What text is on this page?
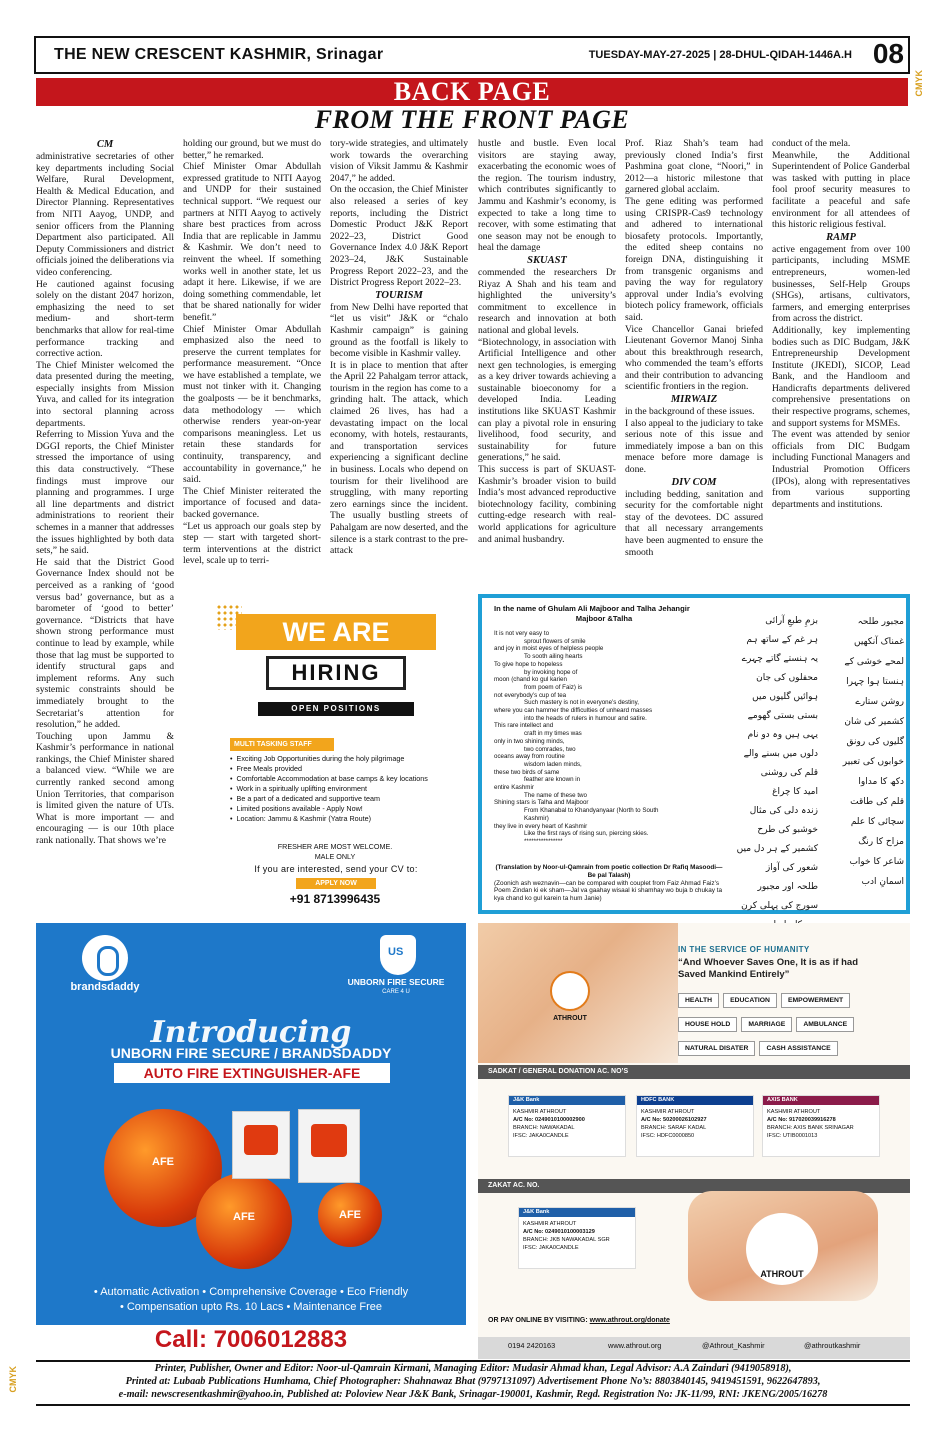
THE NEW CRESCENT KASHMIR, Srinagar	TUESDAY-MAY-27-2025 | 28-DHUL-QIDAH-1446A.H 08
CMYK
CMYK
BACK PAGE
FROM THE FRONT PAGE

CM

administrative secretaries of other key departments including Social Welfare, Rural Development, Health & Medical Education, and Director Planning. Representatives from NITI Aayog, UNDP, and senior officers from the Planning Department also participated. All Deputy Commissioners and district officials joined the deliberations via video conferencing.

He cautioned against focusing solely on the distant 2047 horizon, emphasizing the need to set medium- and short-term benchmarks that allow for real-time performance tracking and corrective action.

The Chief Minister welcomed the data presented during the meeting, especially insights from Mission Yuva, and called for its integration into sectoral planning across departments.

Referring to Mission Yuva and the DGGI reports, the Chief Minister stressed the importance of using this data constructively. “These findings must improve our planning and programmes. I urge all line departments and district administrations to reorient their schemes in a manner that addresses the issues highlighted by both data sets,” he said.

He said that the District Good Governance Index should not be perceived as a ranking of ‘good versus bad’ governance, but as a barometer of ‘good to better’ governance. “Districts that have shown strong performance must continue to lead by example, while those that lag must be supported to identify structural gaps and implement reforms. Any such systemic constraints should be immediately brought to the Secretariat’s attention for resolution,” he added.

Touching upon Jammu & Kashmir’s performance in national rankings, the Chief Minister shared a balanced view. “While we are currently ranked second among Union Territories, that comparison is limited given the nature of UTs. What is more important — and encouraging — is our 10th place rank nationally. That shows we’re

holding our ground, but we must do better,” he remarked.

Chief Minister Omar Abdullah expressed gratitude to NITI Aayog and UNDP for their sustained technical support. “We request our partners at NITI Aayog to actively share best practices from across India that are replicable in Jammu & Kashmir. We don’t need to reinvent the wheel. If something works well in another state, let us adapt it here. Likewise, if we are doing something commendable, let that be shared nationally for wider benefit.”

Chief Minister Omar Abdullah emphasized also the need to preserve the current templates for performance measurement. “Once we have established a template, we must not tinker with it. Changing the goalposts — be it benchmarks, data methodology — which otherwise renders year-on-year comparisons meaningless. Let us retain these standards for continuity, transparency, and accountability in governance,” he said.

The Chief Minister reiterated the importance of focused and data-backed governance.

“Let us approach our goals step by step — start with targeted short-term interventions at the district level, scale up to terri-

tory-wide strategies, and ultimately work towards the overarching vision of Viksit Jammu & Kashmir 2047,” he added.

On the occasion, the Chief Minister also released a series of key reports, including the District Domestic Product J&K Report 2022–23, District Good Governance Index 4.0 J&K Report 2023–24, J&K Sustainable Progress Report 2022–23, and the District Progress Report 2022–23.

TOURISM

from New Delhi have reported that “let us visit” J&K or “chalo Kashmir campaign” is gaining ground as the footfall is likely to become visible in Kashmir valley.

It is in place to mention that after the April 22 Pahalgam terror attack, tourism in the region has come to a grinding halt. The attack, which claimed 26 lives, has had a devastating impact on the local economy, with hotels, restaurants, and transportation services experiencing a significant decline in business. Locals who depend on tourism for their livelihood are struggling, with many reporting zero earnings since the incident. The usually bustling streets of Pahalgam are now deserted, and the silence is a stark contrast to the pre-attack

hustle and bustle. Even local visitors are staying away, exacerbating the economic woes of the region. The tourism industry, which contributes significantly to Jammu and Kashmir’s economy, is expected to take a long time to recover, with some estimating that one season may not be enough to heal the damage

SKUAST

commended the researchers Dr Riyaz A Shah and his team and highlighted the university’s commitment to excellence in research and innovation at both national and global levels.

“Biotechnology, in association with Artificial Intelligence and other next gen technologies, is emerging as a key driver towards achieving a sustainable bioeconomy for a developed India. Leading institutions like SKUAST Kashmir can play a pivotal role in ensuring livelihood, food security, and sustainability for future generations,” he said.

This success is part of SKUAST-Kashmir’s broader vision to build India’s most advanced reproductive biotechnology facility, combining cutting-edge research with real-world applications for agriculture and animal husbandry.

Prof. Riaz Shah’s team had previously cloned India’s first Pashmina goat clone, “Noori,” in 2012—a historic milestone that garnered global acclaim.

The gene editing was performed using CRISPR-Cas9 technology and adhered to international biosafety protocols. Importantly, the edited sheep contains no foreign DNA, distinguishing it from transgenic organisms and paving the way for regulatory approval under India’s evolving biotech policy framework, officials said.

Vice Chancellor Ganai briefed Lieutenant Governor Manoj Sinha about this breakthrough research, who commended the team’s efforts and their contribution to advancing scientific frontiers in the region.

MIRWAIZ

in the background of these issues.

I also appeal to the judiciary to take serious note of this issue and immediately impose a ban on this menace before more damage is done.

DIV COM

including bedding, sanitation and security for the comfortable night stay of the devotees. DC assured that all necessary arrangements have been augmented to ensure the smooth

conduct of the mela.

Meanwhile, the Additional Superintendent of Police Ganderbal was tasked with putting in place fool proof security measures to facilitate a peaceful and safe environment for all attendees of this historic religious festival.

RAMP

active engagement from over 100 participants, including MSME entrepreneurs, women-led businesses, Self-Help Groups (SHGs), artisans, cultivators, farmers, and emerging enterprises from across the district.

Additionally, key implementing bodies such as DIC Budgam, J&K Entrepreneurship Development Institute (JKEDI), SICOP, Lead Bank, and the Handloom and Handicrafts departments delivered comprehensive presentations on their respective programs, schemes, and support systems for MSMEs.

The event was attended by senior officials from DIC Budgam including Functional Managers and Industrial Promotion Officers (IPOs), along with representatives from various supporting departments and institutions.

WE ARE
HIRING
OPEN POSITIONS
MULTI TASKING STAFF
• Exciting Job Opportunities during the holy pilgrimage
• Free Meals provided
• Comfortable Accommodation at base camps & key locations
• Work in a spiritually uplifting environment
• Be a part of a dedicated and supportive team
• Limited positions available - Apply Now!
• Location: Jammu & Kashmir (Yatra Route)
FRESHER ARE MOST WELCOME.
MALE ONLY
If you are interested, send your CV to:
APPLY NOW
+91 8713996435
In the name of Ghulam Ali Majboor and Talha Jehangir
Majboor &Talha
It is not very easy to
sprout flowers of smile
and joy in moist eyes of helpless people
To sooth ailing hearts
To give hope to hopeless
by invoking hope of
moon (chand ko gul karien
from poem of Faiz) is
not everybody’s cup of tea
Such mastery is not in everyone’s destiny,
where you can hammer the difficulties of unheard masses
into the heads of rulers in humour and satire.
This rare intellect and
craft in my times was
only in two shining minds,
two comrades, two
oceans away from routine
wisdom laden minds,
these two birds of same
feather are known in
entire Kashmir
The name of these two
Shining stars is Talha and Majboor
From Khanabal to Khandyanyaar (North to South
Kashmir)
they live in every heart of Kashmir
Like the first rays of rising sun, piercing skies.
****************
(Translation by Noor-ul-Qamrain from poetic collection Dr Rafiq Masoodi—Be pal Talash)
(Zoonich ash weznavin—can be compared with couplet from Faiz Ahmad Faiz’s Poem Zindan ki ek sham—Jal va gaahay wisaal ki shamhay wo buja b chukay ta kya chand ko gul karein ta hum Janie)
بزمِ طبعِ آرائی
ہر غم کے ساتھ ہم
یہ ہنستے گاتے چہرے
محفلوں کی جان
ہوائیں گلیوں میں
بستی بستی گھومے
یہی ہیں وہ دو نام
دلوں میں بسنے والے
قلم کی روشنی
امید کا چراغ
زندہ دلی کی مثال
خوشبو کی طرح
کشمیر کے ہر دل میں
شعور کی آواز
طلحہ اور مجبور
سورج کی پہلی کرن
مجبور طلحہ
غمناک آنکھیں
لمحے خوشی کے
ہنستا ہوا چہرا
روشن ستارے
کشمیر کی شان
گلیوں کی رونق
خوابوں کی تعبیر
دکھ کا مداوا
قلم کی طاقت
سچائی کا علم
مزاح کا رنگ
شاعر کا خواب
اسمانِ ادب
brandsdaddy
US	UNBORN FIRE SECURE
CARE 4 U
Introducing
UNBORN FIRE SECURE / BRANDSDADDY
AUTO FIRE EXTINGUISHER-AFE
AFE
AFE
AFE
• Automatic Activation • Comprehensive Coverage • Eco Friendly
• Compensation upto Rs. 10 Lacs • Maintenance Free
Call: 7006012883
ATHROUT
IN THE SERVICE OF HUMANITY
“And Whoever Saves One, It is as if had Saved Mankind Entirely”
HEALTH	EDUCATION	EMPOWERMENTHOUSE HOLD	MARRIAGE	AMBULANCENATURAL DISATER	CASH ASSISTANCE
SADKAT / GENERAL DONATION AC. NO’S
J&K Bank
KASHMIR ATHROUT
A/C No: 0249010100002900
BRANCH: NAWAKADAL
IFSC: JAKA0CANDLE
HDFC BANK
KASHMIR ATHROUT
A/C No: 50200026102927
BRANCH: SARAF KADAL
IFSC: HDFC0000850
AXIS BANK
KASHMIR ATHROUT
A/C No: 917020039916278
BRANCH: AXIS BANK SRINAGAR
IFSC: UTIB0001013
ZAKAT AC. NO.
J&K Bank
KASHMIR ATHROUT
A/C No: 0249010100003129
BRANCH: JKB NAWAKADAL SGR
IFSC: JAKA0CANDLE
ATHROUT
OR PAY ONLINE BY VISITING: www.athrout.org/donate
0194 2420163	www.athrout.org	@Athrout_Kashmir	@athroutkashmir
Printer, Publisher, Owner and Editor: Noor-ul-Qamrain Kirmani, Managing Editor: Mudasir Ahmad khan, Legal Advisor: A.A Zaindari (9419058918),
Printed at: Lubaab Publications Humhama, Chief Photographer: Shahnawaz Bhat (9797131097) Advertisement Phone No’s: 8803840145, 9419451591, 9622647893,
e-mail: newscresentkashmir@yahoo.in, Published at: Poloview Near J&K Bank, Srinagar-190001, Kashmir, Regd. Registration No: JK-11/99, RNI: JKENG/2005/16278
